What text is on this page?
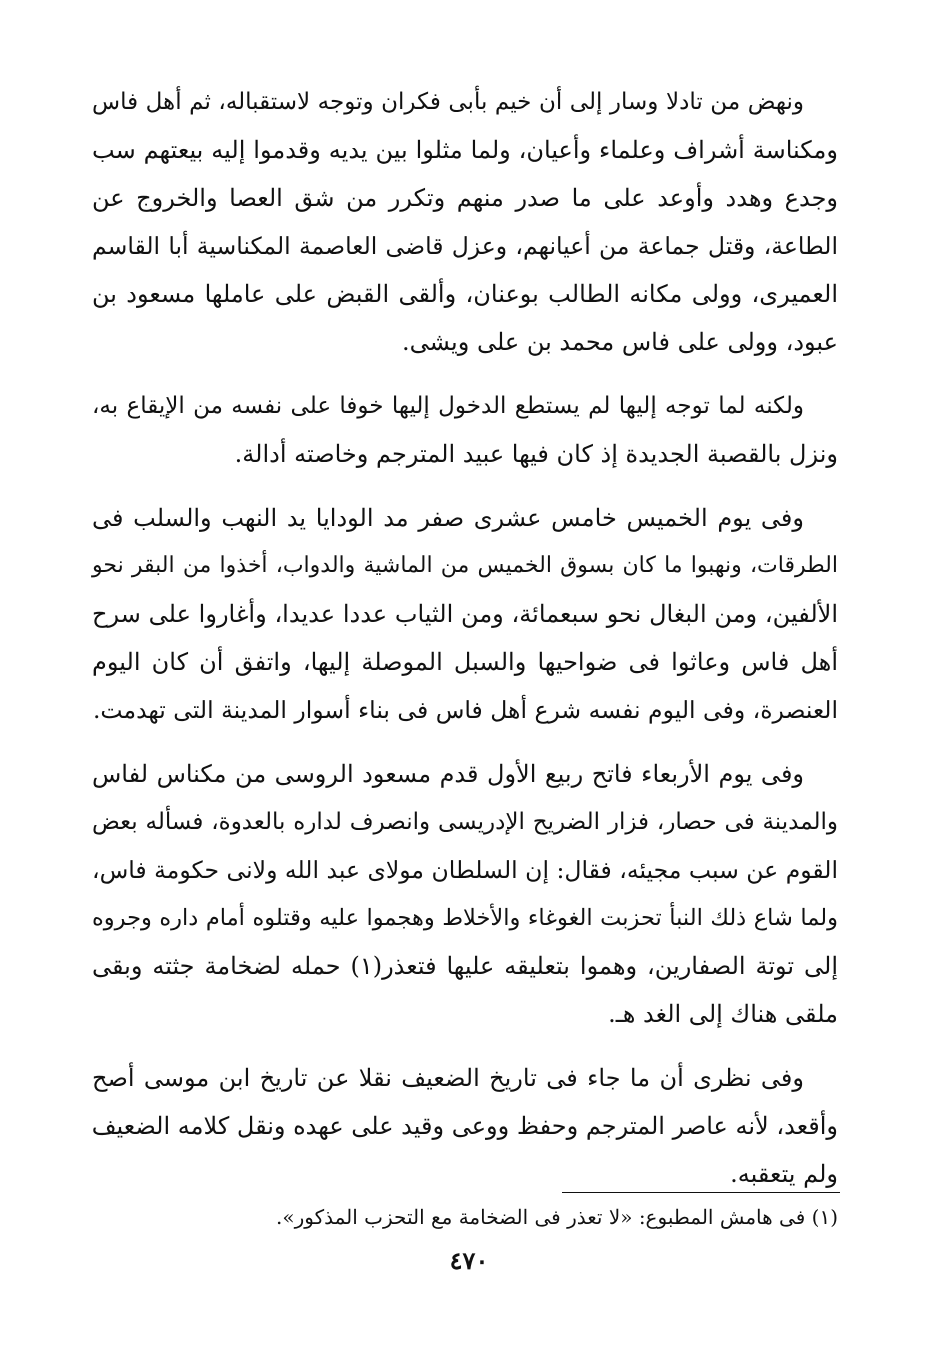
ونهض من تادلا وسار إلى أن خيم بأبى فكران وتوجه لاستقباله، ثم أهل فاس
ومكناسة أشراف وعلماء وأعيان، ولما مثلوا بين يديه وقدموا إليه بيعتهم سب
وجدع وهدد وأوعد على ما صدر منهم وتكرر من شق العصا والخروج عن
الطاعة، وقتل جماعة من أعيانهم، وعزل قاضى العاصمة المكناسية أبا القاسم
العميرى، وولى مكانه الطالب بوعنان، وألقى القبض على عاملها مسعود بن
عبود، وولى على فاس محمد بن على ويشى.

ولكنه لما توجه إليها لم يستطع الدخول إليها خوفا على نفسه من الإيقاع به،
ونزل بالقصبة الجديدة إذ كان فيها عبيد المترجم وخاصته أدالة.

وفى يوم الخميس خامس عشرى صفر مد الودايا يد النهب والسلب فى
الطرقات، ونهبوا ما كان بسوق الخميس من الماشية والدواب، أخذوا من البقر نحو
الألفين، ومن البغال نحو سبعمائة، ومن الثياب عددا عديدا، وأغاروا على سرح
أهل فاس وعاثوا فى ضواحيها والسبل الموصلة إليها، واتفق أن كان اليوم
العنصرة، وفى اليوم نفسه شرع أهل فاس فى بناء أسوار المدينة التى تهدمت.

وفى يوم الأربعاء فاتح ربيع الأول قدم مسعود الروسى من مكناس لفاس
والمدينة فى حصار، فزار الضريح الإدريسى وانصرف لداره بالعدوة، فسأله بعض
القوم عن سبب مجيئه، فقال: إن السلطان مولاى عبد الله ولانى حكومة فاس،
ولما شاع ذلك النبأ تحزبت الغوغاء والأخلاط وهجموا عليه وقتلوه أمام داره وجروه
إلى توتة الصفارين، وهموا بتعليقه عليها فتعذر(١) حمله لضخامة جثته وبقى
ملقى هناك إلى الغد هـ.

وفى نظرى أن ما جاء فى تاريخ الضعيف نقلا عن تاريخ ابن موسى أصح
وأقعد، لأنه عاصر المترجم وحفظ ووعى وقيد على عهده ونقل كلامه الضعيف
ولم يتعقبه.

(١) فى هامش المطبوع: «لا تعذر فى الضخامة مع التحزب المذكور».
٤٧٠
